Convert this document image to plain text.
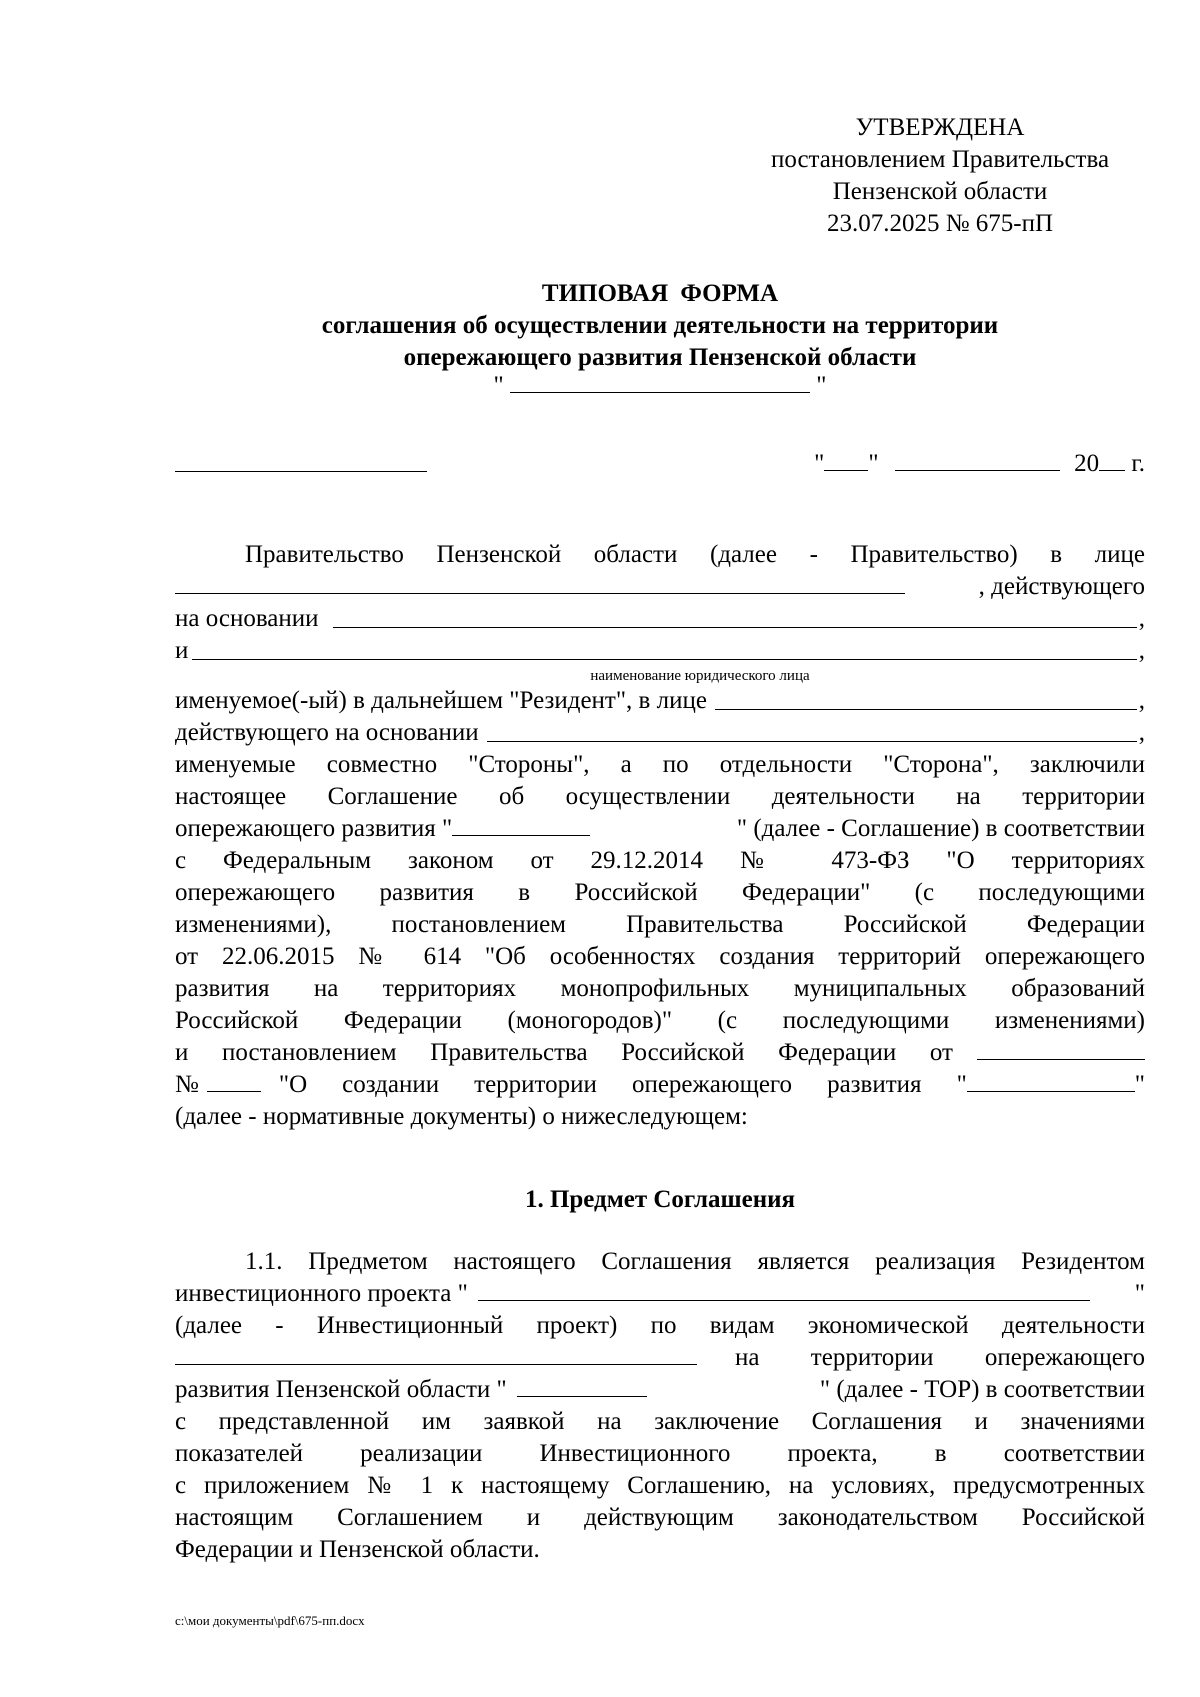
УТВЕРЖДЕНА
постановлением Правительства
Пензенской области
23.07.2025 № 675-пП
ТИПОВАЯ ФОРМА
соглашения об осуществлении деятельности на территории
опережающего развития Пензенской области
"	"
" "	20 г.
Правительство Пензенской области (далее - Правительство) в лице
, действующего
на основании	,
и	,
наименование юридического лица
именуемое(-ый) в дальнейшем "Резидент", в лице	,
действующего на основании	,
именуемые совместно "Стороны", а по отдельности "Сторона", заключили
настоящее Соглашение об осуществлении деятельности на территории
опережающего развития "	" (далее - Соглашение) в соответствии
с Федеральным законом от 29.12.2014 № 473-ФЗ "О территориях
опережающего развития в Российской Федерации" (с последующими
изменениями), постановлением Правительства Российской Федерации
от 22.06.2015 № 614 "Об особенностях создания территорий опережающего
развития на территориях монопрофильных муниципальных образований
Российской Федерации (моногородов)" (с последующими изменениями)
и постановлением Правительства Российской Федерации от
№	"О создании территории опережающего развития "	"
(далее - нормативные документы) о нижеследующем:
1. Предмет Соглашения
1.1. Предметом настоящего Соглашения является реализация Резидентом
инвестиционного проекта "	"
(далее - Инвестиционный проект) по видам экономической деятельности
на территории опережающего
развития Пензенской области "	" (далее - ТОР) в соответствии
с представленной им заявкой на заключение Соглашения и значениями
показателей реализации Инвестиционного проекта, в соответствии
с приложением № 1 к настоящему Соглашению, на условиях, предусмотренных
настоящим Соглашением и действующим законодательством Российской
Федерации и Пензенской области.
c:\мои документы\pdf\675-пп.docx
